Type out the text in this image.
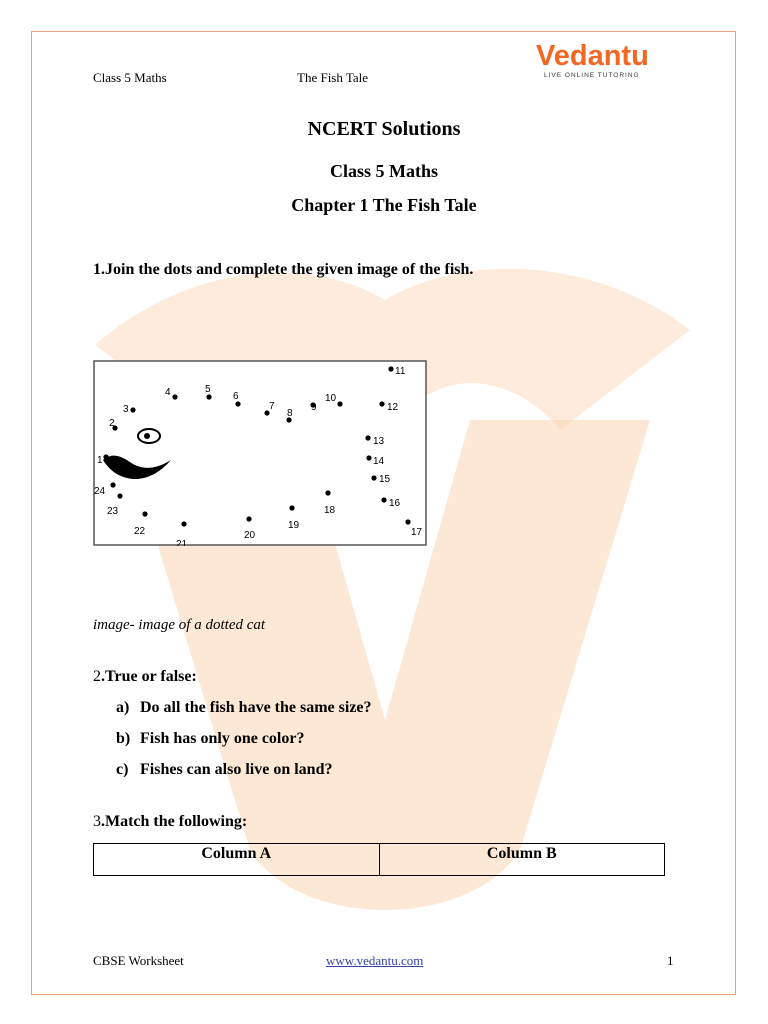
Class 5 Maths	The Fish Tale
Vedantu
LIVE ONLINE TUTORING
NCERT Solutions
Class 5 Maths
Chapter 1 The Fish Tale
1.Join the dots and complete the given image of the fish.
1
2
3
4	5
6
7
8
9
10
11
12
13
14
15
16
17
18
19
20
21
22
23
24
image- image of a dotted cat
2.True or false:
a) Do all the fish have the same size?
b) Fish has only one color?
c) Fishes can also live on land?
3.Match the following:
Column A	Column B
CBSE Worksheet	www.vedantu.com	1
